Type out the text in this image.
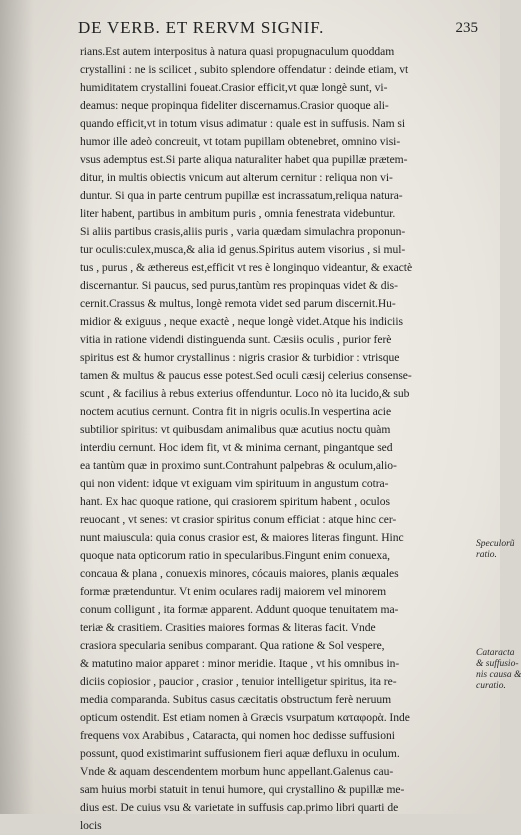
DE VERB. ET RERVM SIGNIF.	235
rians.Est autem interpositus à natura quasi propugnaculum quoddam
crystallini : ne is scilicet , subito splendore offendatur : deinde etiam, vt
humiditatem crystallini foueat.Crasior efficit,vt quæ longè sunt, vi-
deamus: neque propinqua fideliter discernamus.Crasior quoque ali-
quando efficit,vt in totum visus adimatur : quale est in suffusis. Nam si
humor ille adeò concreuit, vt totam pupillam obtenebret, omnino visi-
vsus ademptus est.Si parte aliqua naturaliter habet qua pupillæ prætem-
ditur, in multis obiectis vnicum aut alterum cernitur : reliqua non vi-
duntur. Si qua in parte centrum pupillæ est incrassatum,reliqua natura-
liter habent, partibus in ambitum puris , omnia fenestrata videbuntur.
Si aliis partibus crasis,aliis puris , varia quædam simulachra proponun-
tur oculis:culex,musca,& alia id genus.Spiritus autem visorius , si mul-
tus , purus , & æthereus est,efficit vt res è longinquo videantur, & exactè
discernantur. Si paucus, sed purus,tantùm res propinquas videt & dis-
cernit.Crassus & multus, longè remota videt sed parum discernit.Hu-
midior & exiguus , neque exactè , neque longè videt.Atque his indiciis
vitia in ratione videndi distinguenda sunt. Cæsiis oculis , purior ferè
spiritus est & humor crystallinus : nigris crasior & turbidior : vtrisque
tamen & multus & paucus esse potest.Sed oculi cæsij celerius consense-
scunt , & facilius à rebus exterius offenduntur. Loco nò ita lucido,& sub
noctem acutius cernunt. Contra fit in nigris oculis.In vespertina acie
subtilior spiritus: vt quibusdam animalibus quæ acutius noctu quàm
interdiu cernunt. Hoc idem fit, vt & minima cernant, pingantque sed
ea tantùm quæ in proximo sunt.Contrahunt palpebras & oculum,alio-
qui non vident: idque vt exiguam vim spirituum in angustum cotra-
hant. Ex hac quoque ratione, qui crasiorem spiritum habent , oculos
reuocant , vt senes: vt crasior spiritus conum efficiat : atque hinc cer-
nunt maiuscula: quia conus crasior est, & maiores literas fingunt. Hinc
quoque nata opticorum ratio in specularibus.Fingunt enim conuexa,
concaua & plana , conuexis minores, cócauis maiores, planis æquales
formæ prætenduntur. Vt enim oculares radij maiorem vel minorem
conum colligunt , ita formæ apparent. Addunt quoque tenuitatem ma-
teriæ & crasitiem. Crasities maiores formas & literas facit. Vnde
crasiora specularia senibus comparant. Qua ratione & Sol vespere,
& matutino maior apparet : minor meridie. Itaque , vt his omnibus in-
diciis copiosior , paucior , crasior , tenuior intelligetur spiritus, ita re-
media comparanda. Subitus casus cæcitatis obstructum ferè neruum
opticum ostendit. Est etiam nomen à Græcis vsurpatum καταφορὰ. Inde
frequens vox Arabibus , Cataracta, qui nomen hoc dedisse suffusioni
possunt, quod existimarint suffusionem fieri aquæ defluxu in oculum.
Vnde & aquam descendentem morbum hunc appellant.Galenus cau-
sam huius morbi statuit in tenui humore, qui crystallino & pupillæ me-
dius est. De cuius vsu & varietate in suffusis cap.primo libri quarti de
locis
Speculorũ
ratio.
Cataracta
& suffusio-
nis causa &
curatio.
